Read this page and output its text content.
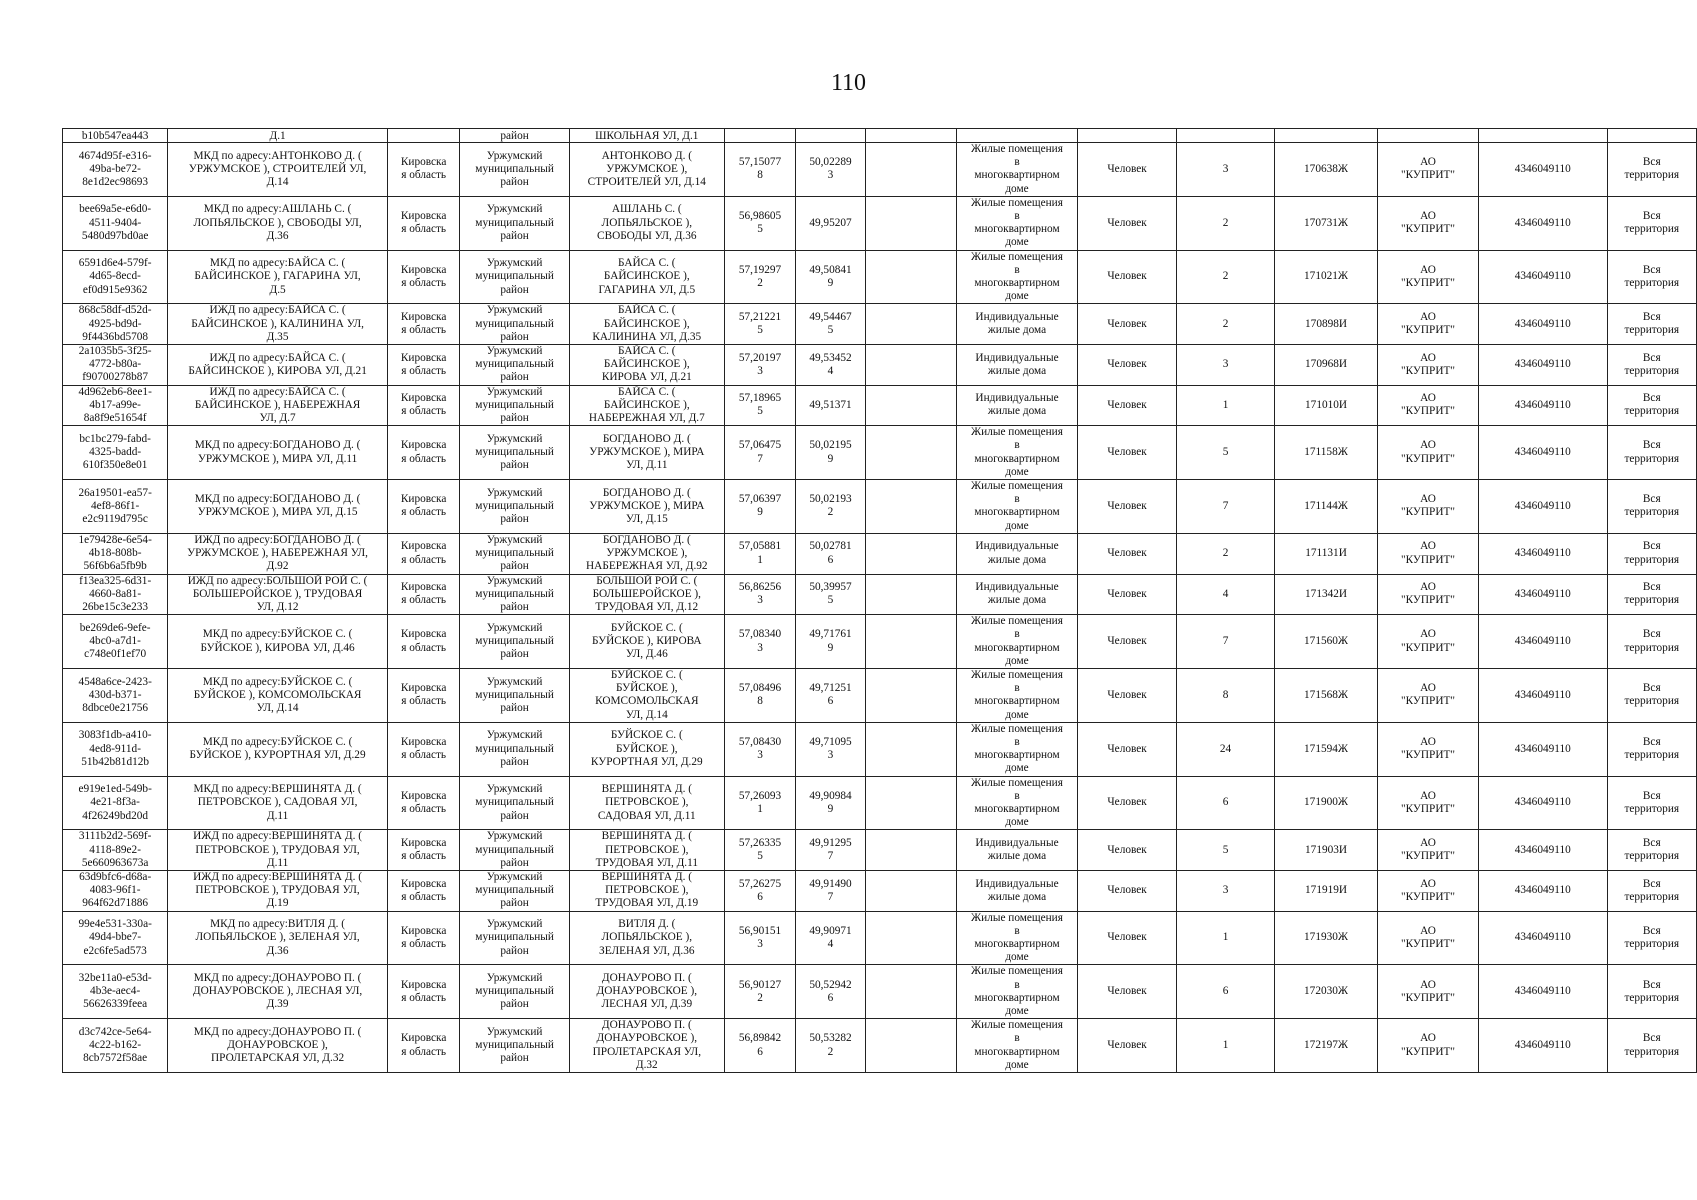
110
b10b547ea443	Д.1		район	ШКОЛЬНАЯ УЛ, Д.1										
4674d95f-e316-
49ba-be72-
8e1d2ec98693	МКД по адресу:АНТОНКОВО Д. (
УРЖУМСКОЕ ), СТРОИТЕЛЕЙ УЛ,
Д.14	Кировска
я область	Уржумский
муниципальный
район	АНТОНКОВО Д. (
УРЖУМСКОЕ ),
СТРОИТЕЛЕЙ УЛ, Д.14	57,15077
8	50,02289
3		Жилые помещения
в
многоквартирном
доме	Человек	3	170638Ж	АО
"КУПРИТ"	4346049110	Вся
территория
bee69a5e-e6d0-
4511-9404-
5480d97bd0ae	МКД по адресу:АШЛАНЬ С. (
ЛОПЬЯЛЬСКОЕ ), СВОБОДЫ УЛ,
Д.36	Кировска
я область	Уржумский
муниципальный
район	АШЛАНЬ С. (
ЛОПЬЯЛЬСКОЕ ),
СВОБОДЫ УЛ, Д.36	56,98605
5	49,95207		Жилые помещения
в
многоквартирном
доме	Человек	2	170731Ж	АО
"КУПРИТ"	4346049110	Вся
территория
6591d6e4-579f-
4d65-8ecd-
ef0d915e9362	МКД по адресу:БАЙСА С. (
БАЙСИНСКОЕ ), ГАГАРИНА УЛ,
Д.5	Кировска
я область	Уржумский
муниципальный
район	БАЙСА С. (
БАЙСИНСКОЕ ),
ГАГАРИНА УЛ, Д.5	57,19297
2	49,50841
9		Жилые помещения
в
многоквартирном
доме	Человек	2	171021Ж	АО
"КУПРИТ"	4346049110	Вся
территория
868c58df-d52d-
4925-bd9d-
9f4436bd5708	ИЖД по адресу:БАЙСА С. (
БАЙСИНСКОЕ ), КАЛИНИНА УЛ,
Д.35	Кировска
я область	Уржумский
муниципальный
район	БАЙСА С. (
БАЙСИНСКОЕ ),
КАЛИНИНА УЛ, Д.35	57,21221
5	49,54467
5		Индивидуальные
жилые дома	Человек	2	170898И	АО
"КУПРИТ"	4346049110	Вся
территория
2a1035b5-3f25-
4772-b80a-
f90700278b87	ИЖД по адресу:БАЙСА С. (
БАЙСИНСКОЕ ), КИРОВА УЛ, Д.21	Кировска
я область	Уржумский
муниципальный
район	БАЙСА С. (
БАЙСИНСКОЕ ),
КИРОВА УЛ, Д.21	57,20197
3	49,53452
4		Индивидуальные
жилые дома	Человек	3	170968И	АО
"КУПРИТ"	4346049110	Вся
территория
4d962eb6-8ee1-
4b17-a99e-
8a8f9e51654f	ИЖД по адресу:БАЙСА С. (
БАЙСИНСКОЕ ), НАБЕРЕЖНАЯ
УЛ, Д.7	Кировска
я область	Уржумский
муниципальный
район	БАЙСА С. (
БАЙСИНСКОЕ ),
НАБЕРЕЖНАЯ УЛ, Д.7	57,18965
5	49,51371		Индивидуальные
жилые дома	Человек	1	171010И	АО
"КУПРИТ"	4346049110	Вся
территория
bc1bc279-fabd-
4325-badd-
610f350e8e01	МКД по адресу:БОГДАНОВО Д. (
УРЖУМСКОЕ ), МИРА УЛ, Д.11	Кировска
я область	Уржумский
муниципальный
район	БОГДАНОВО Д. (
УРЖУМСКОЕ ), МИРА
УЛ, Д.11	57,06475
7	50,02195
9		Жилые помещения
в
многоквартирном
доме	Человек	5	171158Ж	АО
"КУПРИТ"	4346049110	Вся
территория
26a19501-ea57-
4ef8-86f1-
e2c9119d795c	МКД по адресу:БОГДАНОВО Д. (
УРЖУМСКОЕ ), МИРА УЛ, Д.15	Кировска
я область	Уржумский
муниципальный
район	БОГДАНОВО Д. (
УРЖУМСКОЕ ), МИРА
УЛ, Д.15	57,06397
9	50,02193
2		Жилые помещения
в
многоквартирном
доме	Человек	7	171144Ж	АО
"КУПРИТ"	4346049110	Вся
территория
1e79428e-6e54-
4b18-808b-
56f6b6a5fb9b	ИЖД по адресу:БОГДАНОВО Д. (
УРЖУМСКОЕ ), НАБЕРЕЖНАЯ УЛ,
Д.92	Кировска
я область	Уржумский
муниципальный
район	БОГДАНОВО Д. (
УРЖУМСКОЕ ),
НАБЕРЕЖНАЯ УЛ, Д.92	57,05881
1	50,02781
6		Индивидуальные
жилые дома	Человек	2	171131И	АО
"КУПРИТ"	4346049110	Вся
территория
f13ea325-6d31-
4660-8a81-
26be15c3e233	ИЖД по адресу:БОЛЬШОЙ РОЙ С. (
БОЛЬШЕРОЙСКОЕ ), ТРУДОВАЯ
УЛ, Д.12	Кировска
я область	Уржумский
муниципальный
район	БОЛЬШОЙ РОЙ С. (
БОЛЬШЕРОЙСКОЕ ),
ТРУДОВАЯ УЛ, Д.12	56,86256
3	50,39957
5		Индивидуальные
жилые дома	Человек	4	171342И	АО
"КУПРИТ"	4346049110	Вся
территория
be269de6-9efe-
4bc0-a7d1-
c748e0f1ef70	МКД по адресу:БУЙСКОЕ С. (
БУЙСКОЕ ), КИРОВА УЛ, Д.46	Кировска
я область	Уржумский
муниципальный
район	БУЙСКОЕ С. (
БУЙСКОЕ ), КИРОВА
УЛ, Д.46	57,08340
3	49,71761
9		Жилые помещения
в
многоквартирном
доме	Человек	7	171560Ж	АО
"КУПРИТ"	4346049110	Вся
территория
4548a6ce-2423-
430d-b371-
8dbce0e21756	МКД по адресу:БУЙСКОЕ С. (
БУЙСКОЕ ), КОМСОМОЛЬСКАЯ
УЛ, Д.14	Кировска
я область	Уржумский
муниципальный
район	БУЙСКОЕ С. (
БУЙСКОЕ ),
КОМСОМОЛЬСКАЯ
УЛ, Д.14	57,08496
8	49,71251
6		Жилые помещения
в
многоквартирном
доме	Человек	8	171568Ж	АО
"КУПРИТ"	4346049110	Вся
территория
3083f1db-a410-
4ed8-911d-
51b42b81d12b	МКД по адресу:БУЙСКОЕ С. (
БУЙСКОЕ ), КУРОРТНАЯ УЛ, Д.29	Кировска
я область	Уржумский
муниципальный
район	БУЙСКОЕ С. (
БУЙСКОЕ ),
КУРОРТНАЯ УЛ, Д.29	57,08430
3	49,71095
3		Жилые помещения
в
многоквартирном
доме	Человек	24	171594Ж	АО
"КУПРИТ"	4346049110	Вся
территория
e919e1ed-549b-
4e21-8f3a-
4f26249bd20d	МКД по адресу:ВЕРШИНЯТА Д. (
ПЕТРОВСКОЕ ), САДОВАЯ УЛ,
Д.11	Кировска
я область	Уржумский
муниципальный
район	ВЕРШИНЯТА Д. (
ПЕТРОВСКОЕ ),
САДОВАЯ УЛ, Д.11	57,26093
1	49,90984
9		Жилые помещения
в
многоквартирном
доме	Человек	6	171900Ж	АО
"КУПРИТ"	4346049110	Вся
территория
3111b2d2-569f-
4118-89e2-
5e660963673a	ИЖД по адресу:ВЕРШИНЯТА Д. (
ПЕТРОВСКОЕ ), ТРУДОВАЯ УЛ,
Д.11	Кировска
я область	Уржумский
муниципальный
район	ВЕРШИНЯТА Д. (
ПЕТРОВСКОЕ ),
ТРУДОВАЯ УЛ, Д.11	57,26335
5	49,91295
7		Индивидуальные
жилые дома	Человек	5	171903И	АО
"КУПРИТ"	4346049110	Вся
территория
63d9bfc6-d68a-
4083-96f1-
964f62d71886	ИЖД по адресу:ВЕРШИНЯТА Д. (
ПЕТРОВСКОЕ ), ТРУДОВАЯ УЛ,
Д.19	Кировска
я область	Уржумский
муниципальный
район	ВЕРШИНЯТА Д. (
ПЕТРОВСКОЕ ),
ТРУДОВАЯ УЛ, Д.19	57,26275
6	49,91490
7		Индивидуальные
жилые дома	Человек	3	171919И	АО
"КУПРИТ"	4346049110	Вся
территория
99e4e531-330a-
49d4-bbe7-
e2c6fe5ad573	МКД по адресу:ВИТЛЯ Д. (
ЛОПЬЯЛЬСКОЕ ), ЗЕЛЕНАЯ УЛ,
Д.36	Кировска
я область	Уржумский
муниципальный
район	ВИТЛЯ Д. (
ЛОПЬЯЛЬСКОЕ ),
ЗЕЛЕНАЯ УЛ, Д.36	56,90151
3	49,90971
4		Жилые помещения
в
многоквартирном
доме	Человек	1	171930Ж	АО
"КУПРИТ"	4346049110	Вся
территория
32be11a0-e53d-
4b3e-aec4-
56626339feea	МКД по адресу:ДОНАУРОВО П. (
ДОНАУРОВСКОЕ ), ЛЕСНАЯ УЛ,
Д.39	Кировска
я область	Уржумский
муниципальный
район	ДОНАУРОВО П. (
ДОНАУРОВСКОЕ ),
ЛЕСНАЯ УЛ, Д.39	56,90127
2	50,52942
6		Жилые помещения
в
многоквартирном
доме	Человек	6	172030Ж	АО
"КУПРИТ"	4346049110	Вся
территория
d3c742ce-5e64-
4c22-b162-
8cb7572f58ae	МКД по адресу:ДОНАУРОВО П. (
ДОНАУРОВСКОЕ ),
ПРОЛЕТАРСКАЯ УЛ, Д.32	Кировска
я область	Уржумский
муниципальный
район	ДОНАУРОВО П. (
ДОНАУРОВСКОЕ ),
ПРОЛЕТАРСКАЯ УЛ,
Д.32	56,89842
6	50,53282
2		Жилые помещения
в
многоквартирном
доме	Человек	1	172197Ж	АО
"КУПРИТ"	4346049110	Вся
территория
